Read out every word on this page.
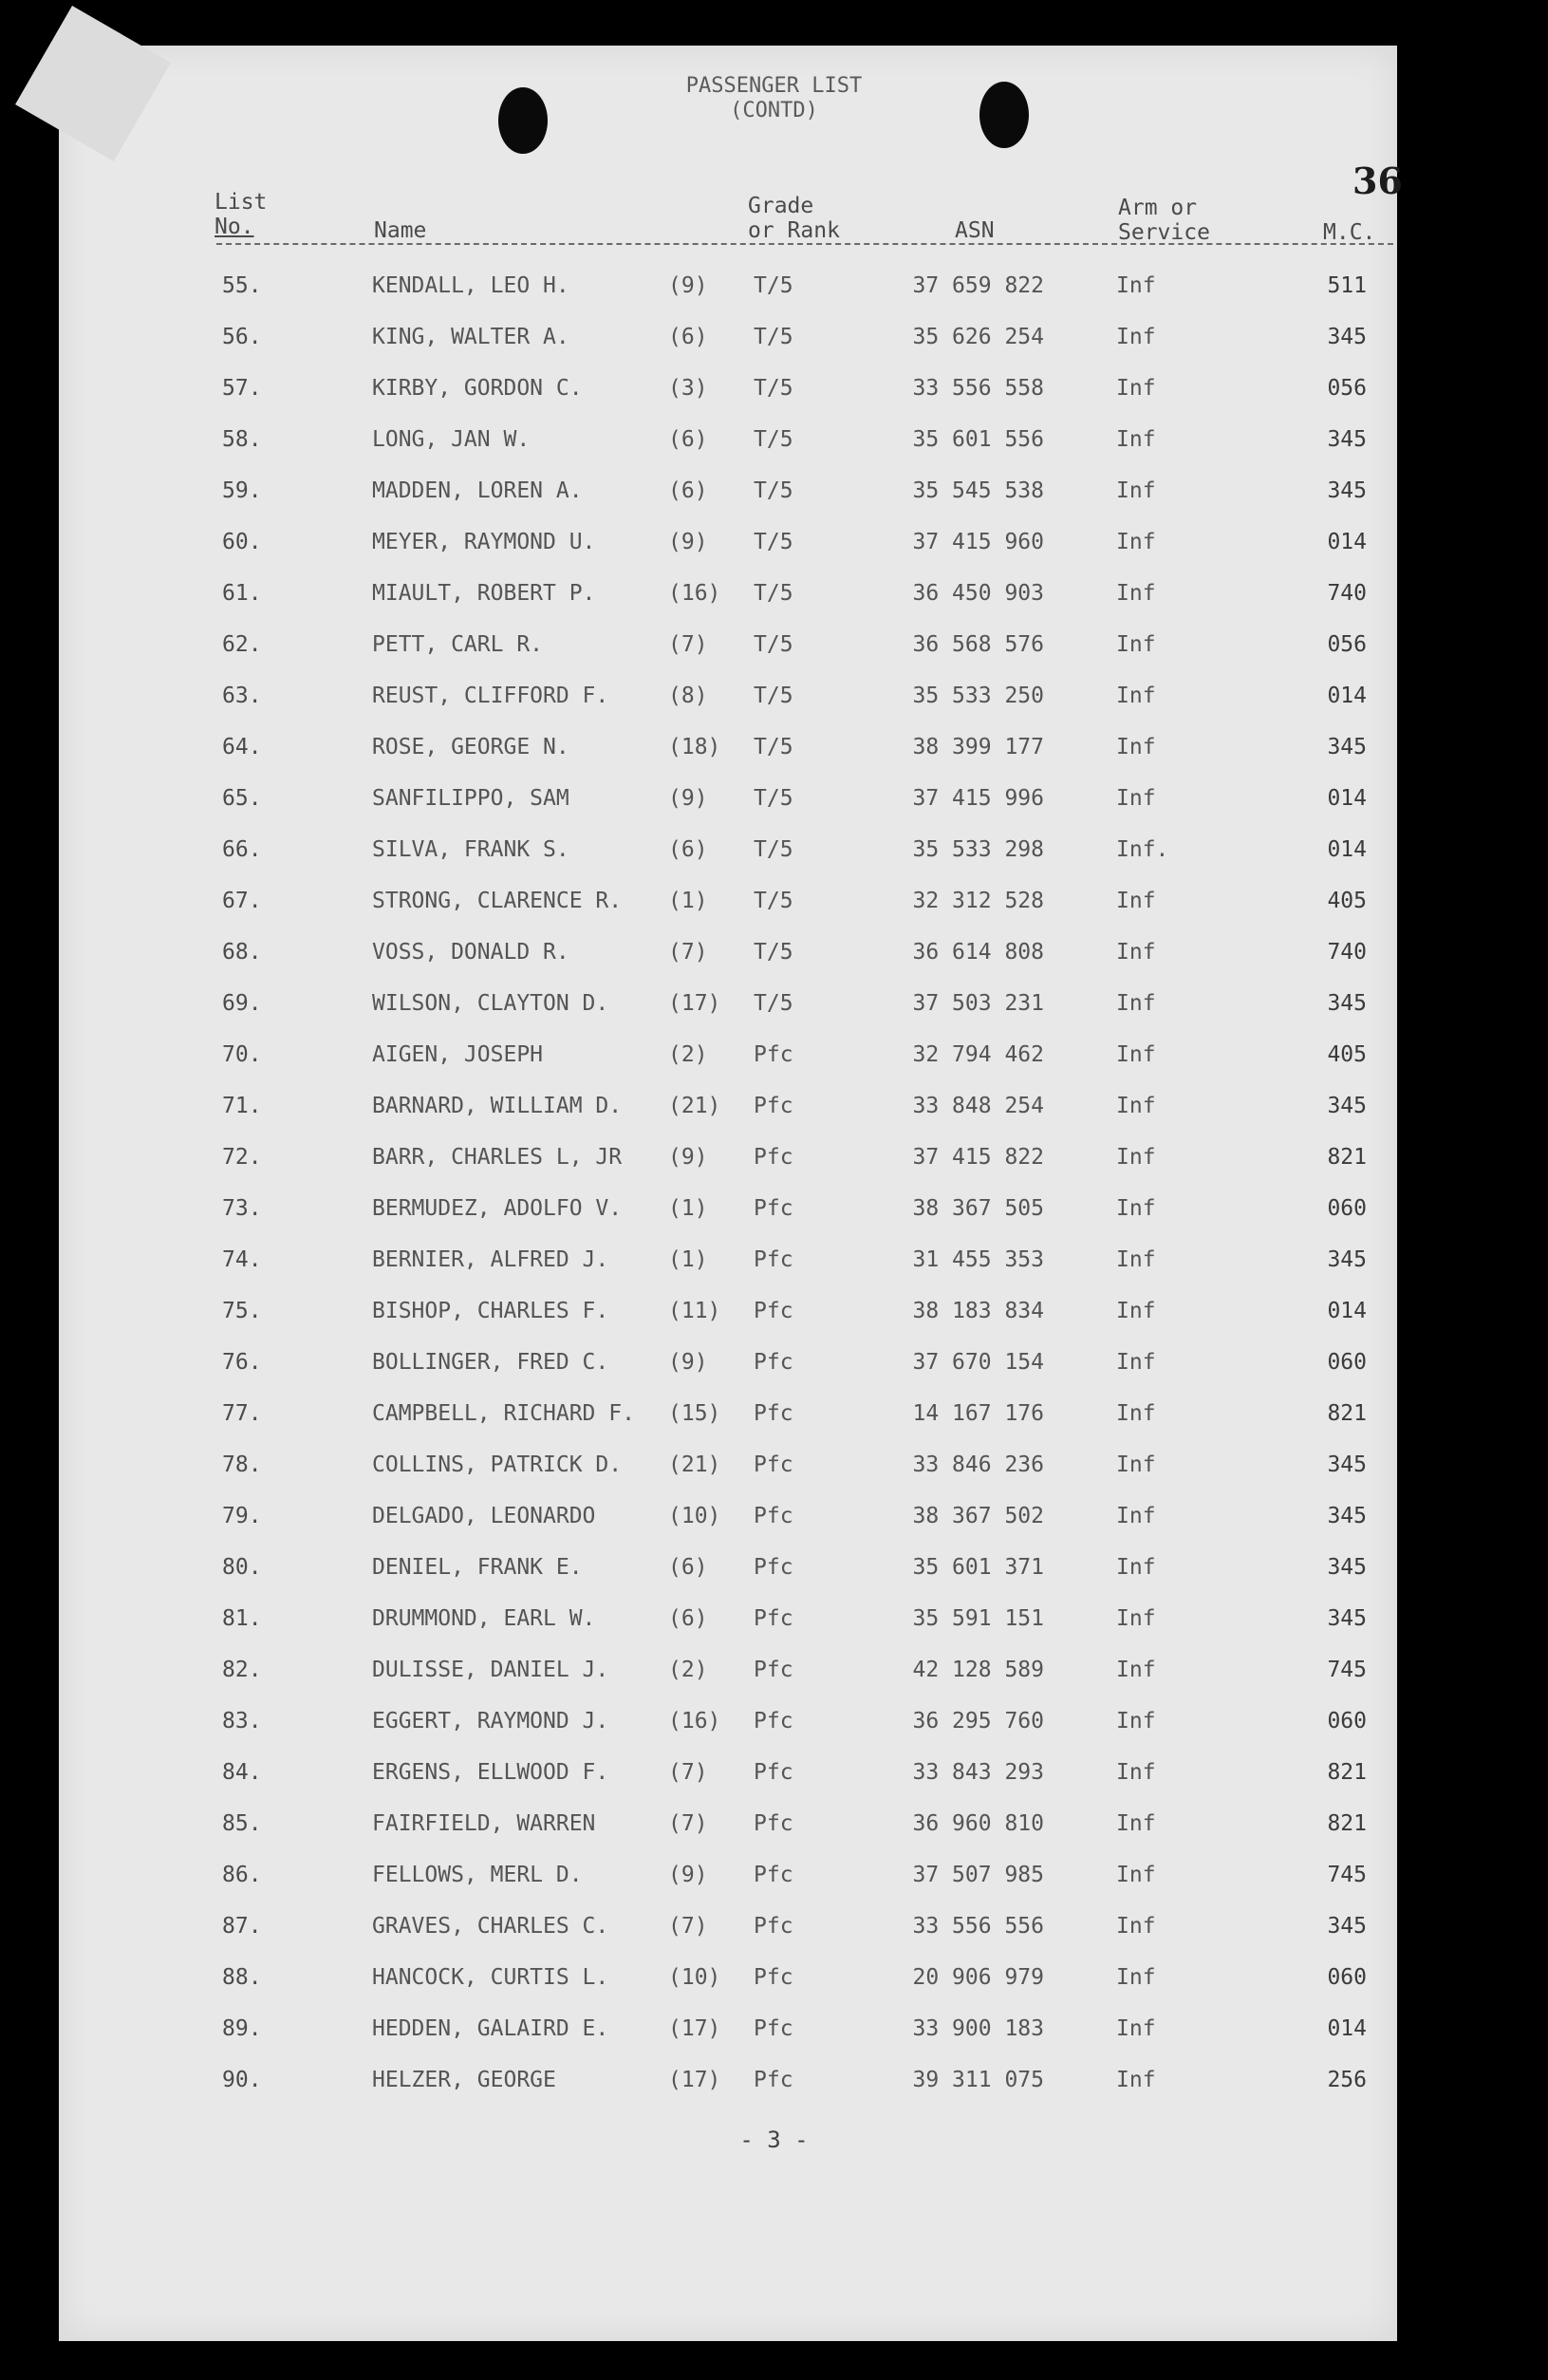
PASSENGER LIST
(CONTD)
36
List
No.	Name
Grade
or Rank	ASN
Arm or
Service	M.C.
55.	KENDALL, LEO H.	(9) T/5	37 659 822	Inf	511
56.	KING, WALTER A.	(6) T/5	35 626 254	Inf	345
57.	KIRBY, GORDON C.	(3) T/5	33 556 558	Inf	056
58.	LONG, JAN W.	(6) T/5	35 601 556	Inf	345
59.	MADDEN, LOREN A.	(6) T/5	35 545 538	Inf	345
60.	MEYER, RAYMOND U.	(9) T/5	37 415 960	Inf	014
61.	MIAULT, ROBERT P.	(16) T/5	36 450 903	Inf	740
62.	PETT, CARL R.	(7) T/5	36 568 576	Inf	056
63.	REUST, CLIFFORD F.	(8) T/5	35 533 250	Inf	014
64.	ROSE, GEORGE N.	(18) T/5	38 399 177	Inf	345
65.	SANFILIPPO, SAM	(9) T/5	37 415 996	Inf	014
66.	SILVA, FRANK S.	(6) T/5	35 533 298	Inf.	014
67.	STRONG, CLARENCE R. (1) T/5	32 312 528	Inf	405
68.	VOSS, DONALD R.	(7) T/5	36 614 808	Inf	740
69.	WILSON, CLAYTON D.	(17) T/5	37 503 231	Inf	345
70.	AIGEN, JOSEPH	(2) Pfc	32 794 462	Inf	405
71.	BARNARD, WILLIAM D. (21) Pfc	33 848 254	Inf	345
72.	BARR, CHARLES L, JR (9) Pfc	37 415 822	Inf	821
73.	BERMUDEZ, ADOLFO V. (1) Pfc	38 367 505	Inf	060
74.	BERNIER, ALFRED J.	(1) Pfc	31 455 353	Inf	345
75.	BISHOP, CHARLES F.	(11) Pfc	38 183 834	Inf	014
76.	BOLLINGER, FRED C.	(9) Pfc	37 670 154	Inf	060
77.	CAMPBELL, RICHARD F. (15) Pfc	14 167 176	Inf	821
78.	COLLINS, PATRICK D. (21) Pfc	33 846 236	Inf	345
79.	DELGADO, LEONARDO	(10) Pfc	38 367 502	Inf	345
80.	DENIEL, FRANK E.	(6) Pfc	35 601 371	Inf	345
81.	DRUMMOND, EARL W.	(6) Pfc	35 591 151	Inf	345
82.	DULISSE, DANIEL J.	(2) Pfc	42 128 589	Inf	745
83.	EGGERT, RAYMOND J.	(16) Pfc	36 295 760	Inf	060
84.	ERGENS, ELLWOOD F.	(7) Pfc	33 843 293	Inf	821
85.	FAIRFIELD, WARREN	(7) Pfc	36 960 810	Inf	821
86.	FELLOWS, MERL D.	(9) Pfc	37 507 985	Inf	745
87.	GRAVES, CHARLES C.	(7) Pfc	33 556 556	Inf	345
88.	HANCOCK, CURTIS L.	(10) Pfc	20 906 979	Inf	060
89.	HEDDEN, GALAIRD E.	(17) Pfc	33 900 183	Inf	014
90.	HELZER, GEORGE	(17) Pfc	39 311 075	Inf	256
- 3 -
